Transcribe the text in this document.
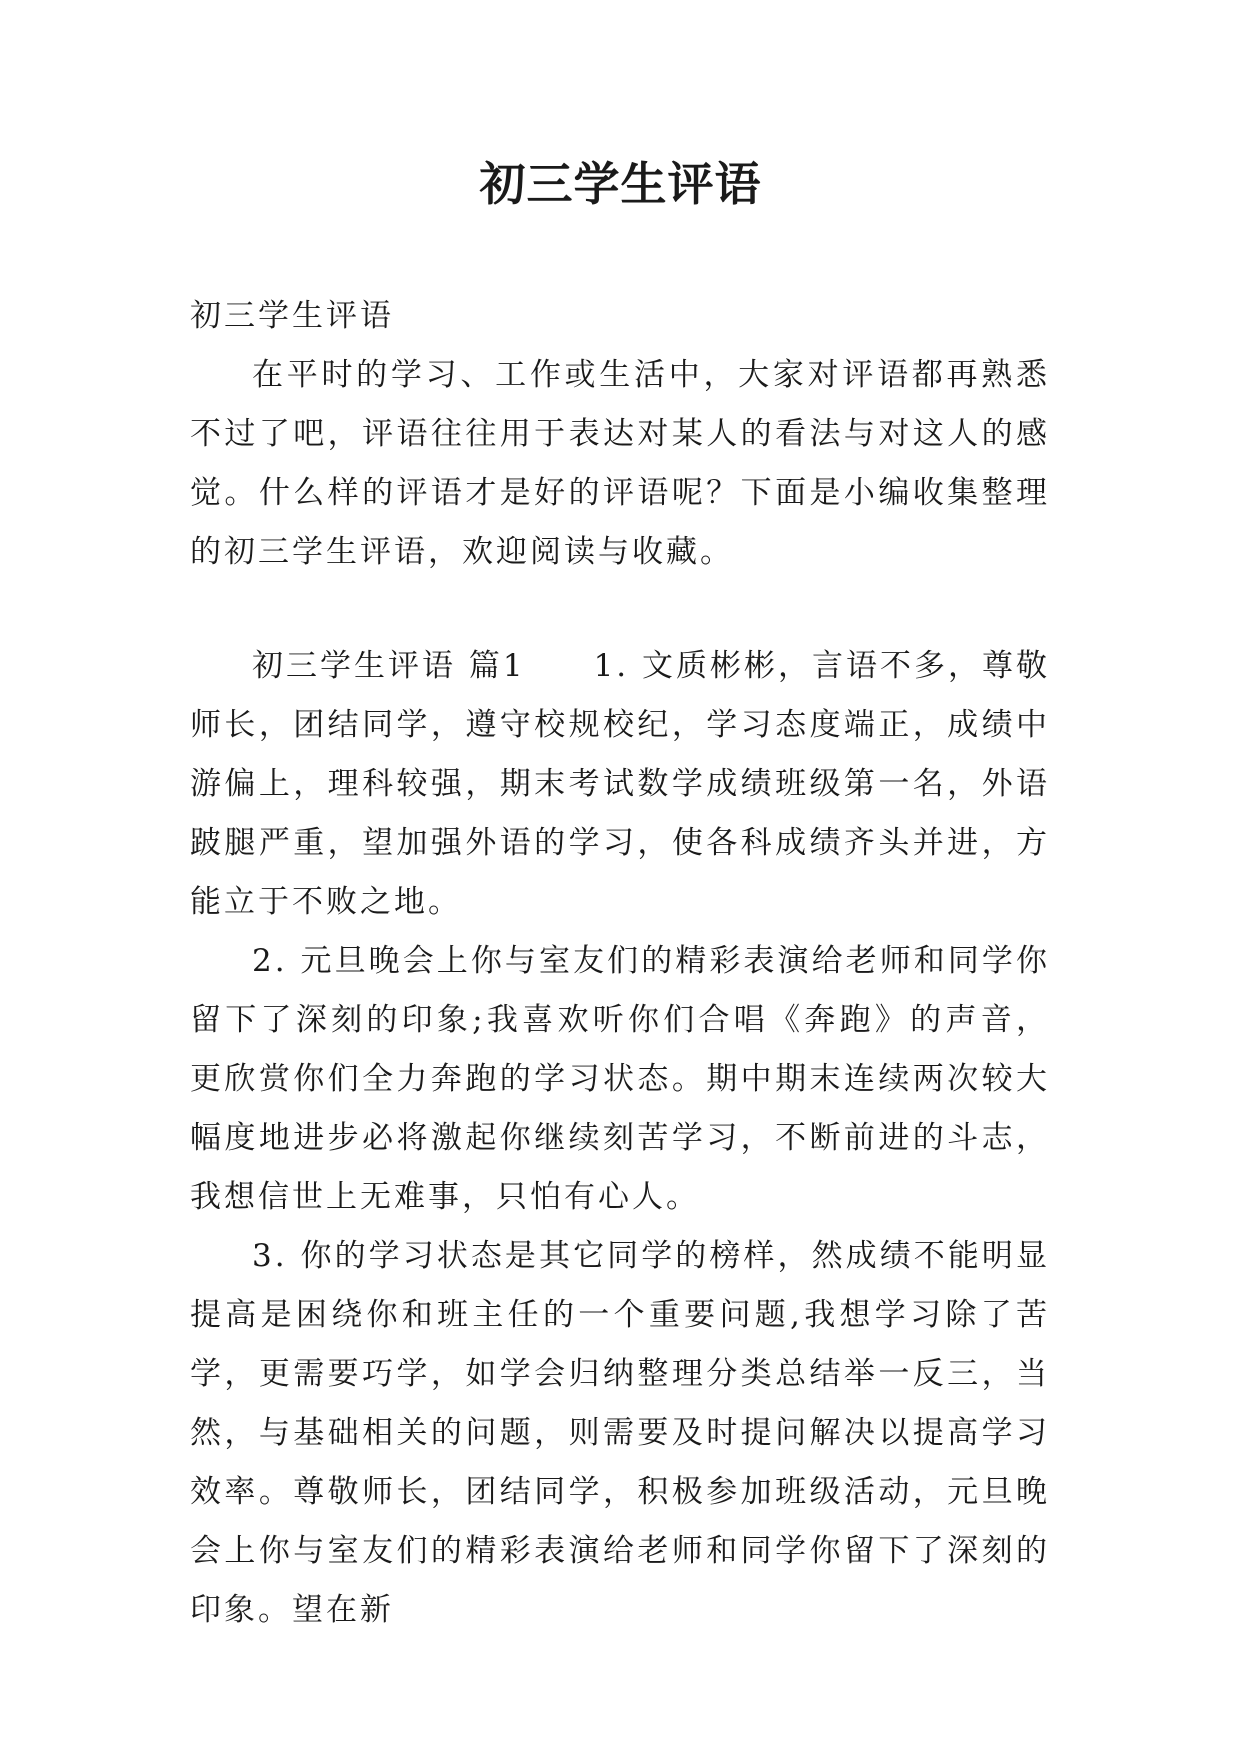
初三学生评语

初三学生评语

在平时的学习、工作或生活中，大家对评语都再熟悉不过了吧，评语往往用于表达对某人的看法与对这人的感觉。什么样的评语才是好的评语呢？下面是小编收集整理的初三学生评语，欢迎阅读与收藏。

初三学生评语 篇1　　1. 文质彬彬，言语不多，尊敬师长，团结同学，遵守校规校纪，学习态度端正，成绩中游偏上，理科较强，期末考试数学成绩班级第一名，外语跛腿严重，望加强外语的学习，使各科成绩齐头并进，方能立于不败之地。

2. 元旦晚会上你与室友们的精彩表演给老师和同学你留下了深刻的印象;我喜欢听你们合唱《奔跑》的声音，更欣赏你们全力奔跑的学习状态。期中期末连续两次较大幅度地进步必将激起你继续刻苦学习，不断前进的斗志，我想信世上无难事，只怕有心人。

3. 你的学习状态是其它同学的榜样，然成绩不能明显提高是困绕你和班主任的一个重要问题,我想学习除了苦学，更需要巧学，如学会归纳整理分类总结举一反三，当然，与基础相关的问题，则需要及时提问解决以提高学习效率。尊敬师长，团结同学，积极参加班级活动，元旦晚会上你与室友们的精彩表演给老师和同学你留下了深刻的印象。望在新
